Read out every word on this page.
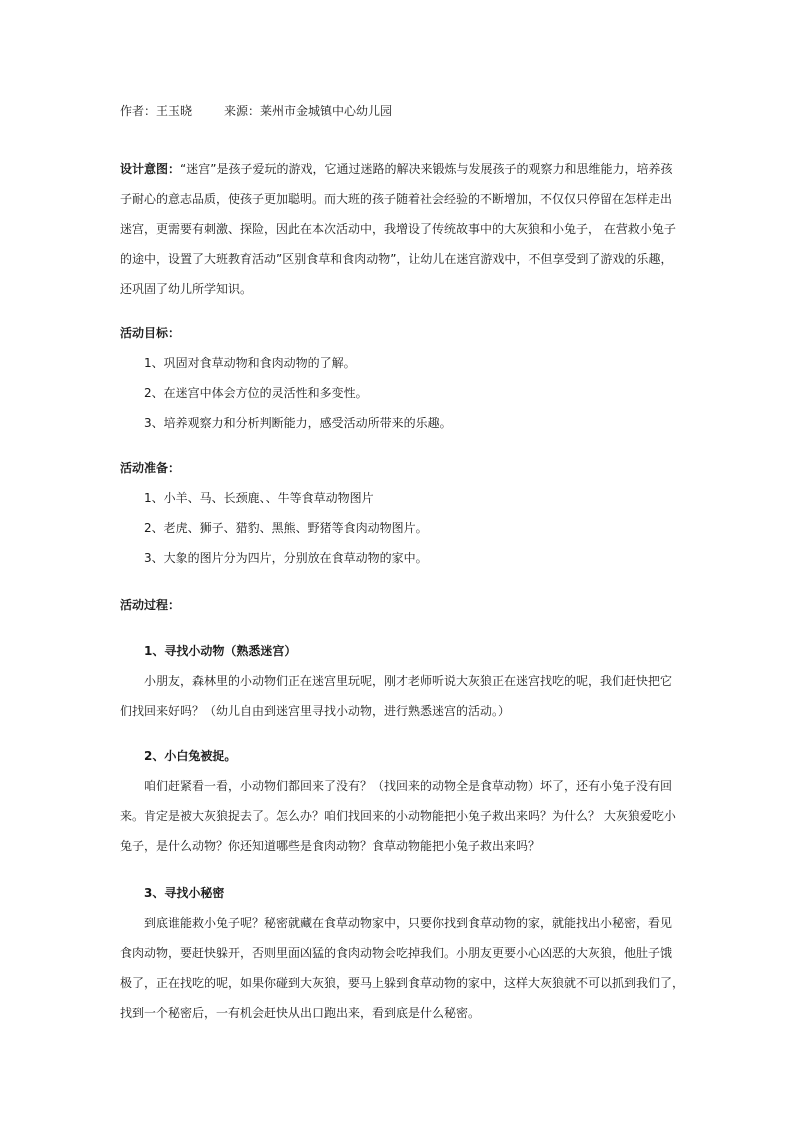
作者：王玉晓	来源：莱州市金城镇中心幼儿园
设计意图：“迷宫”是孩子爱玩的游戏，它通过迷路的解决来锻炼与发展孩子的观察力和思维能力，培养孩
子耐心的意志品质，使孩子更加聪明。而大班的孩子随着社会经验的不断增加，不仅仅只停留在怎样走出
迷宫，更需要有刺激、探险，因此在本次活动中，我增设了传统故事中的大灰狼和小兔子， 在营救小兔子
的途中，设置了大班教育活动”区别食草和食肉动物”，让幼儿在迷宫游戏中，不但享受到了游戏的乐趣，
还巩固了幼儿所学知识。
活动目标：
1、巩固对食草动物和食肉动物的了解。
2、在迷宫中体会方位的灵活性和多变性。
3、培养观察力和分析判断能力，感受活动所带来的乐趣。
活动准备：
1、小羊、马、长颈鹿、、牛等食草动物图片
2、老虎、狮子、猎豹、黑熊、野猪等食肉动物图片。
3、大象的图片分为四片，分别放在食草动物的家中。
活动过程：
1、寻找小动物（熟悉迷宫）
小朋友，森林里的小动物们正在迷宫里玩呢，刚才老师听说大灰狼正在迷宫找吃的呢，我们赶快把它
们找回来好吗？（幼儿自由到迷宫里寻找小动物，进行熟悉迷宫的活动。）
2、小白兔被捉。
咱们赶紧看一看，小动物们都回来了没有？（找回来的动物全是食草动物）坏了，还有小兔子没有回
来。肯定是被大灰狼捉去了。怎么办？咱们找回来的小动物能把小兔子救出来吗？为什么？ 大灰狼爱吃小
兔子，是什么动物？你还知道哪些是食肉动物？食草动物能把小兔子救出来吗？
3、寻找小秘密
到底谁能救小兔子呢？秘密就藏在食草动物家中，只要你找到食草动物的家，就能找出小秘密，看见
食肉动物，要赶快躲开，否则里面凶猛的食肉动物会吃掉我们。小朋友更要小心凶恶的大灰狼，他肚子饿
极了，正在找吃的呢，如果你碰到大灰狼，要马上躲到食草动物的家中，这样大灰狼就不可以抓到我们了，
找到一个秘密后，一有机会赶快从出口跑出来，看到底是什么秘密。
